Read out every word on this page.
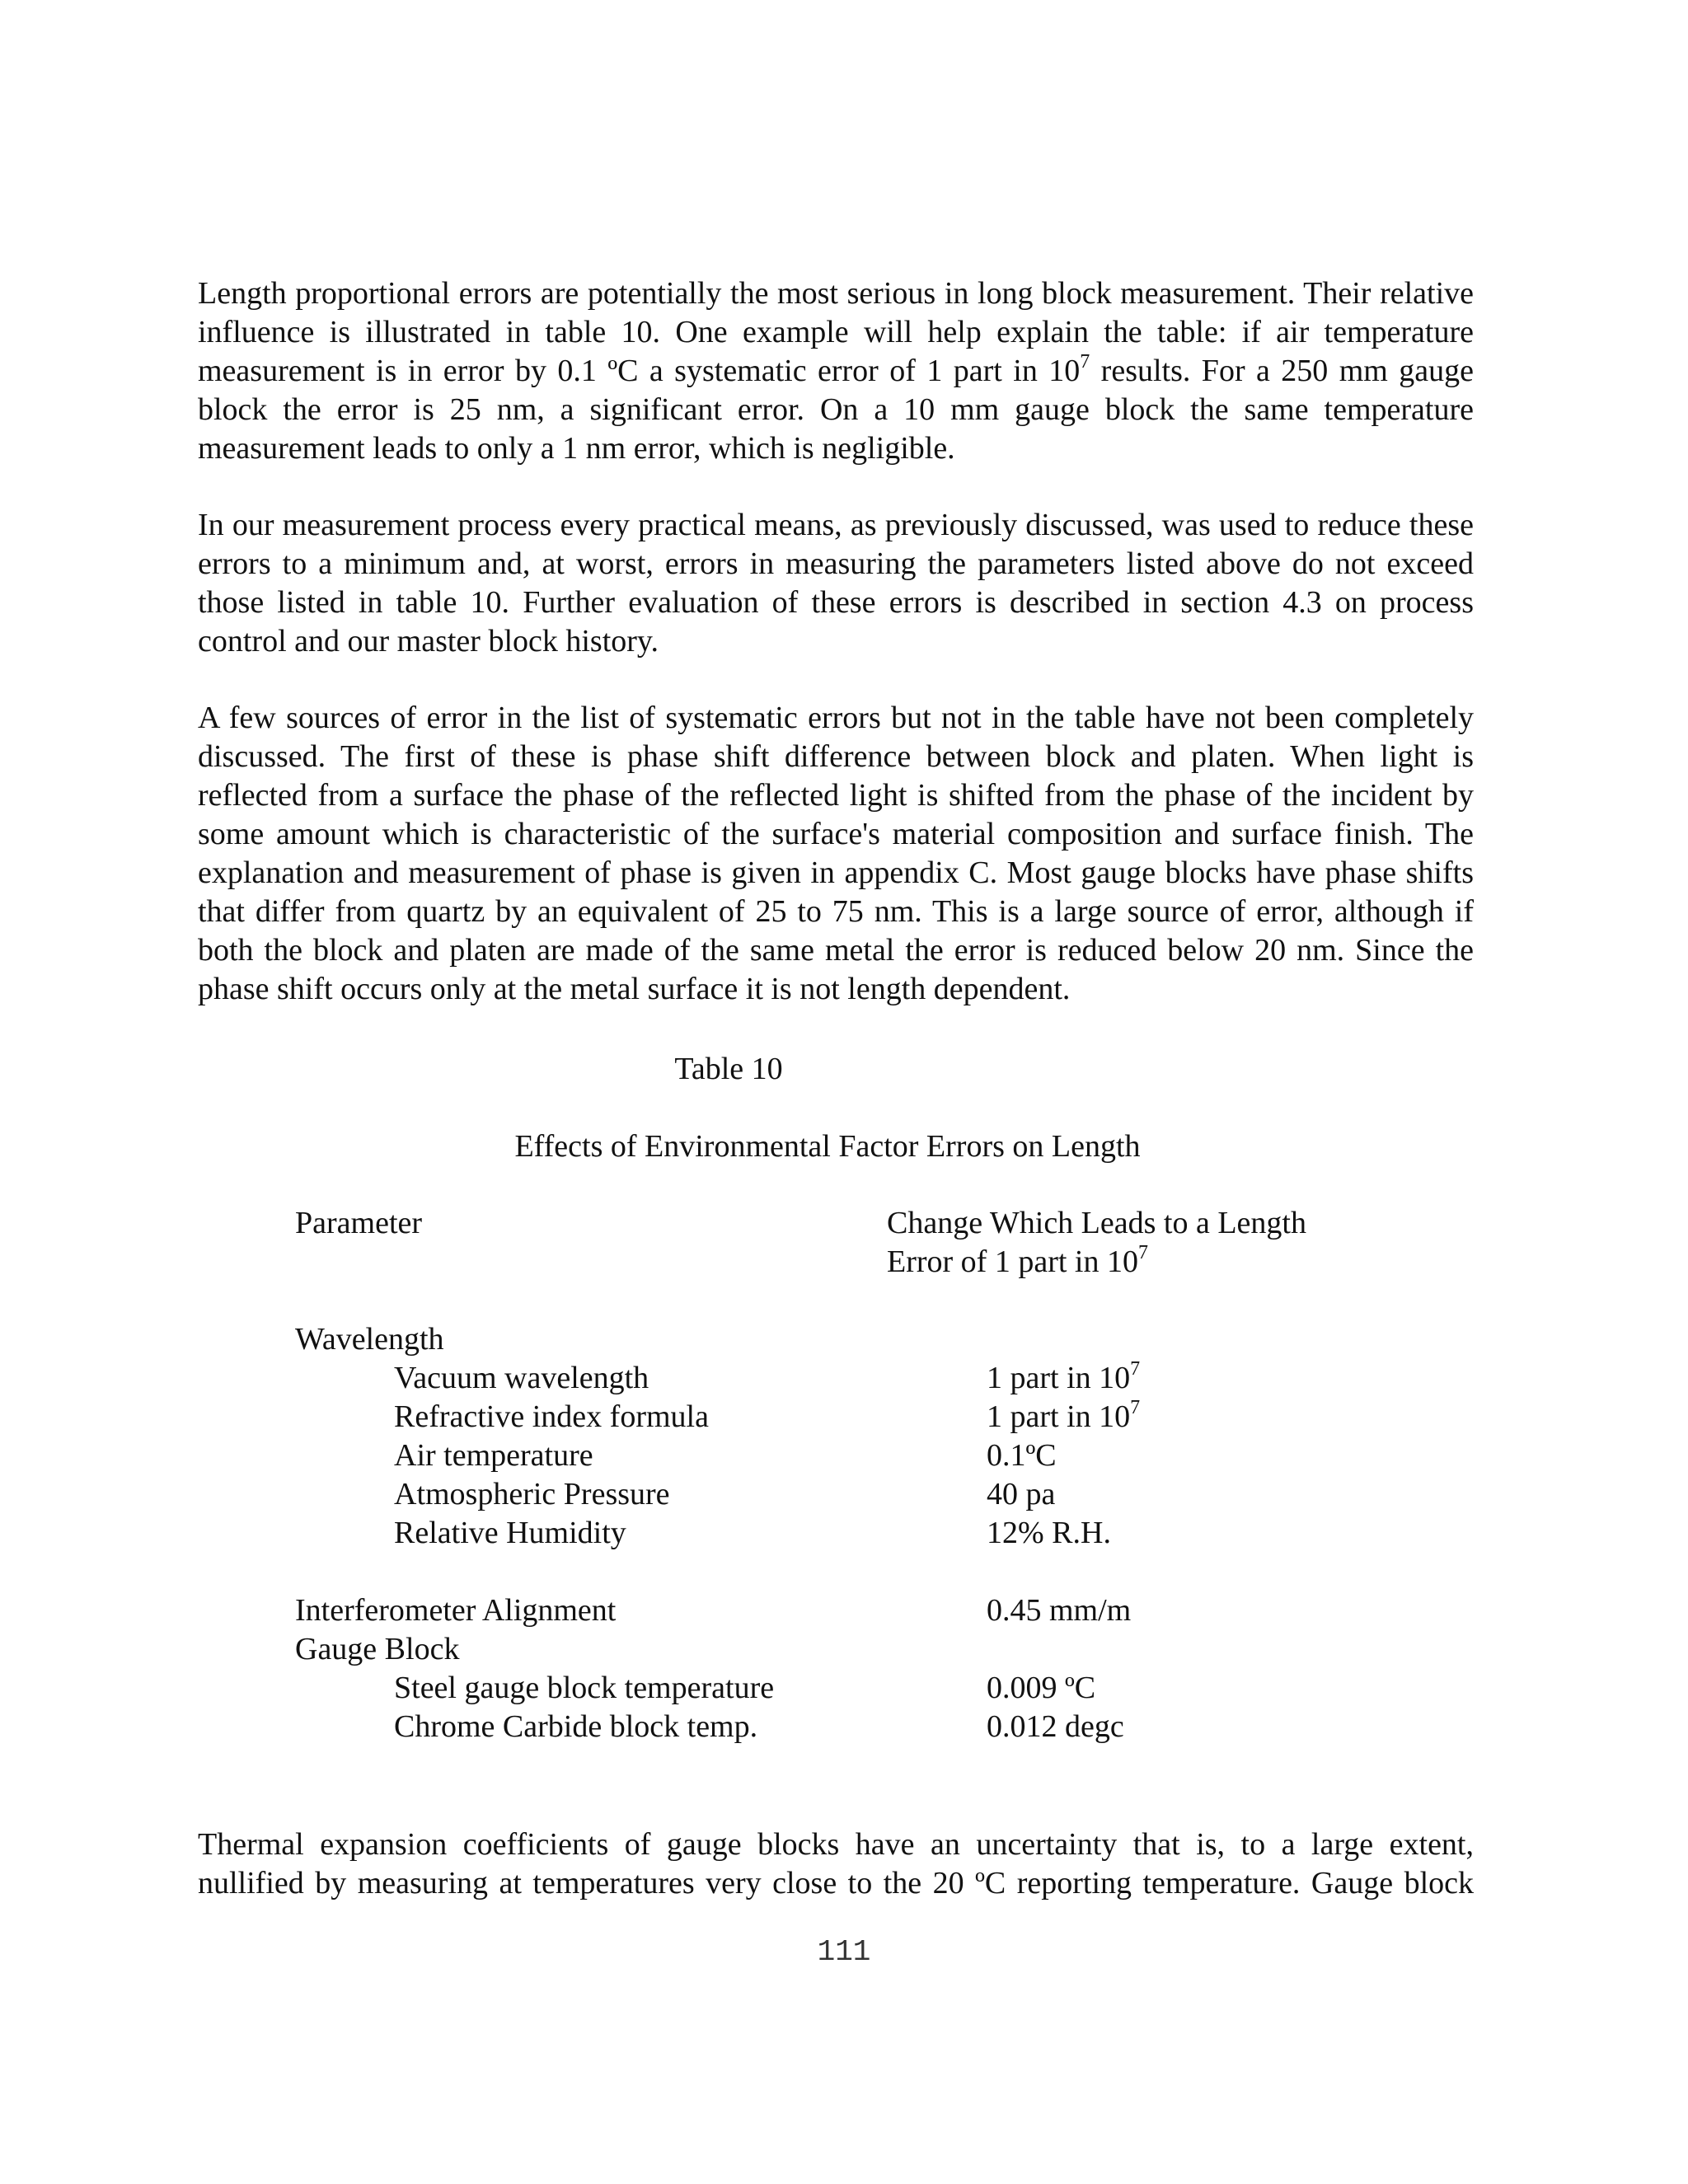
Length proportional errors are potentially the most serious in long block measurement. Their relative
influence is illustrated in table 10. One example will help explain the table: if air temperature
measurement is in error by 0.1 ºC a systematic error of 1 part in $10^7$ results. For a 250 mm gauge
block the error is 25 nm, a significant error. On a 10 mm gauge block the same temperature
measurement leads to only a 1 nm error, which is negligible.
In our measurement process every practical means, as previously discussed, was used to reduce these
errors to a minimum and, at worst, errors in measuring the parameters listed above do not exceed
those listed in table 10. Further evaluation of these errors is described in section 4.3 on process
control and our master block history.
A few sources of error in the list of systematic errors but not in the table have not been completely
discussed. The first of these is phase shift difference between block and platen. When light is
reflected from a surface the phase of the reflected light is shifted from the phase of the incident by
some amount which is characteristic of the surface's material composition and surface finish. The
explanation and measurement of phase is given in appendix C. Most gauge blocks have phase shifts
that differ from quartz by an equivalent of 25 to 75 nm. This is a large source of error, although if
both the block and platen are made of the same metal the error is reduced below 20 nm. Since the
phase shift occurs only at the metal surface it is not length dependent.
Table 10
Effects of Environmental Factor Errors on Length
Parameter	Change Which Leads to a Length
Error of 1 part in $10^7$
Wavelength
Vacuum wavelength	1 part in $10^7$
Refractive index formula	1 part in $10^7$
Air temperature	0.1ºC
Atmospheric Pressure	40 pa
Relative Humidity	12% R.H.
Interferometer Alignment	0.45 mm/m
Gauge Block
Steel gauge block temperature	0.009 ºC
Chrome Carbide block temp.	0.012 degc
Thermal expansion coefficients of gauge blocks have an uncertainty that is, to a large extent,
nullified by measuring at temperatures very close to the 20 ºC reporting temperature. Gauge block
111
